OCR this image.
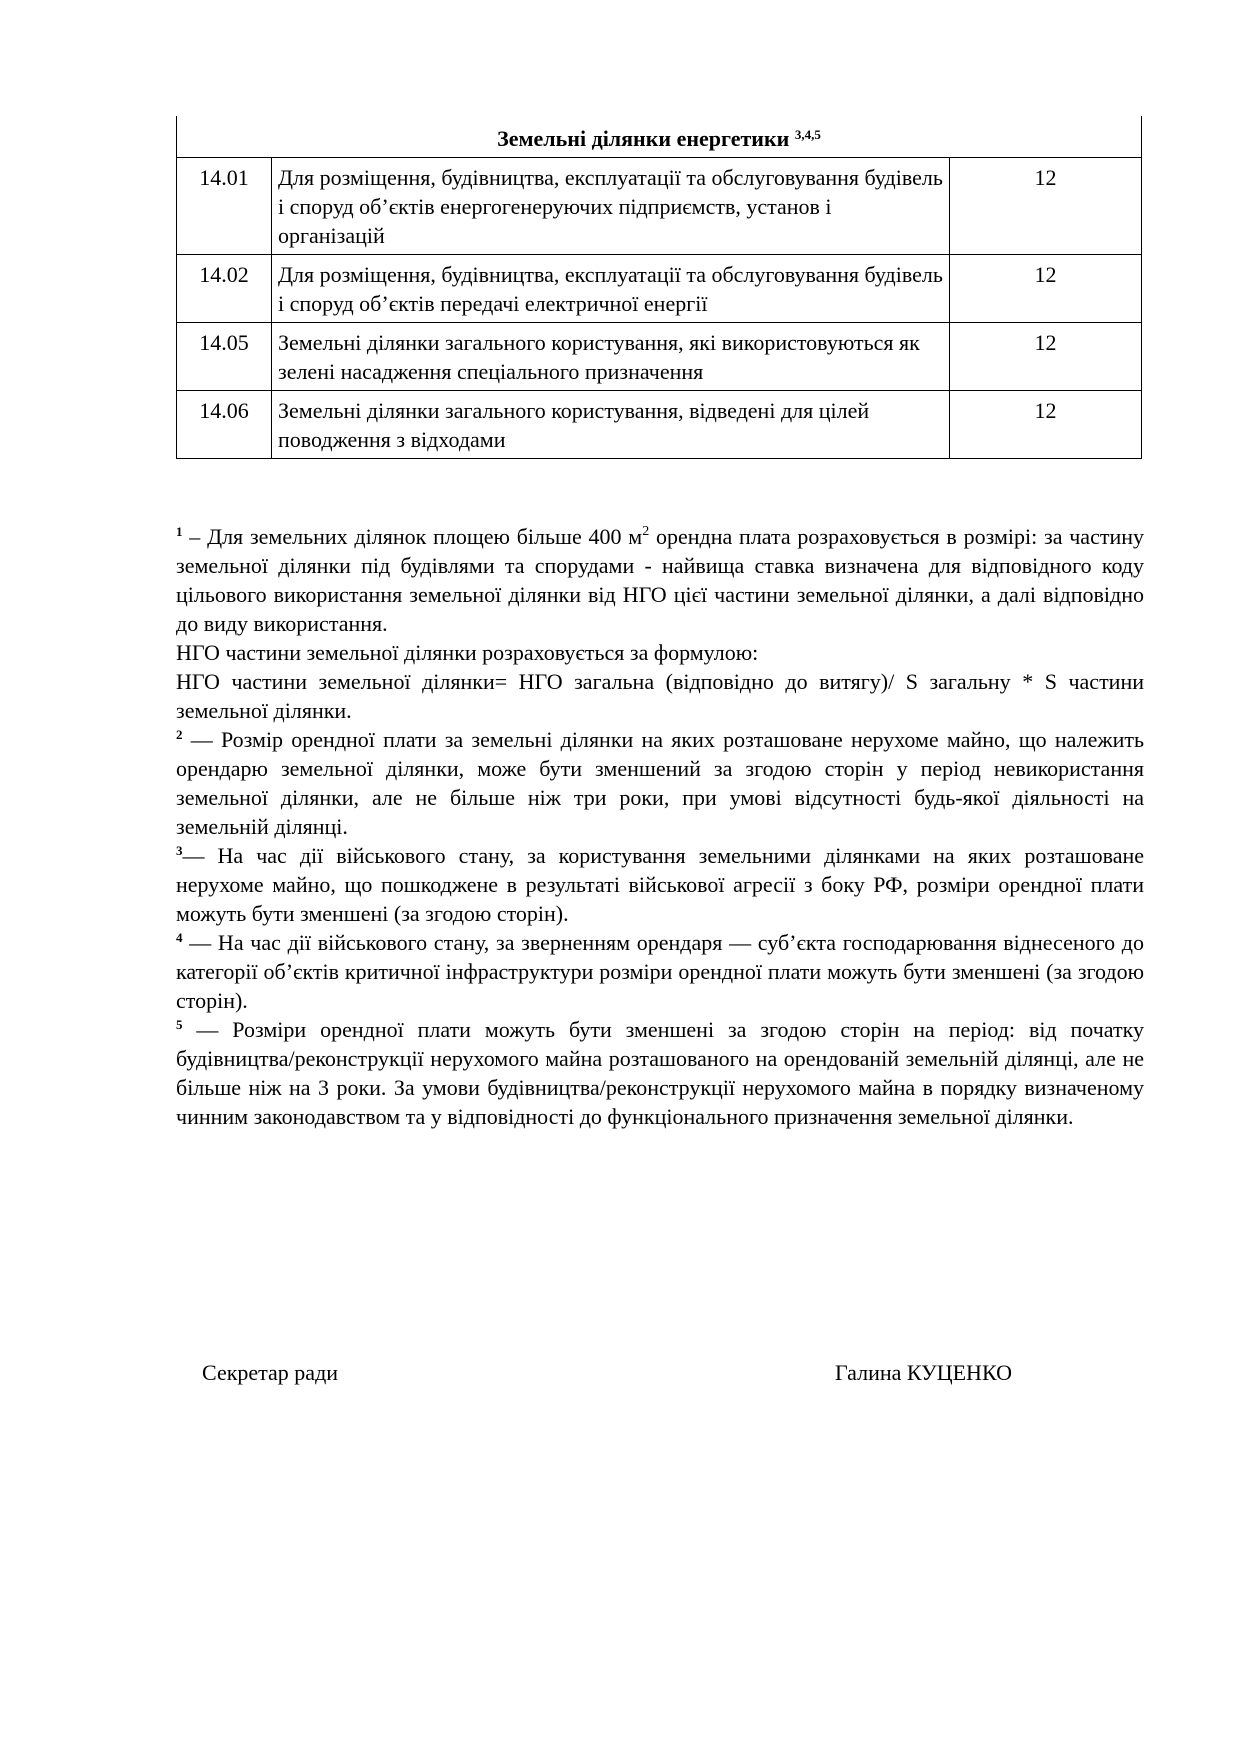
Земельні ділянки енергетики $^{3,4,5}$
14.01	Для розміщення, будівництва, експлуатації та обслуговування будівель і споруд об’єктів енергогенеруючих підприємств, установ і організацій	12
14.02	Для розміщення, будівництва, експлуатації та обслуговування будівель і споруд об’єктів передачі електричної енергії	12
14.05	Земельні ділянки загального користування, які використовуються як зелені насадження спеціального призначення	12
14.06	Земельні ділянки загального користування, відведені для цілей поводження з відходами	12

$^1$ – Для земельних ділянок площею більше 400 $м^2$ орендна плата розраховується в розмірі: за частину земельної ділянки під будівлями та спорудами - найвища ставка визначена для відповідного коду цільового використання земельної ділянки від НГО цієї частини земельної ділянки, а далі відповідно до виду використання.

НГО частини земельної ділянки розраховується за формулою:

НГО частини земельної ділянки= НГО загальна (відповідно до витягу)/ S загальну * S частини земельної ділянки.

$^2$ — Розмір орендної плати за земельні ділянки на яких розташоване нерухоме майно, що належить орендарю земельної ділянки, може бути зменшений за згодою сторін у період невикористання земельної ділянки, але не більше ніж три роки, при умові відсутності будь-якої діяльності на земельній ділянці.

$^3$— На час дії військового стану, за користування земельними ділянками на яких розташоване нерухоме майно, що пошкоджене в результаті військової агресії з боку РФ, розміри орендної плати можуть бути зменшені (за згодою сторін).

$^4$ — На час дії військового стану, за зверненням орендаря — суб’єкта господарювання віднесеного до категорії об’єктів критичної інфраструктури розміри орендної плати можуть бути зменшені (за згодою сторін).

$^5$ — Розміри орендної плати можуть бути зменшені за згодою сторін на період: від початку будівництва/реконструкції нерухомого майна розташованого на орендованій земельній ділянці, але не більше ніж на 3 роки. За умови будівництва/реконструкції нерухомого майна в порядку визначеному чинним законодавством та у відповідності до функціонального призначення земельної ділянки.

Секретар ради	Галина КУЦЕНКО
